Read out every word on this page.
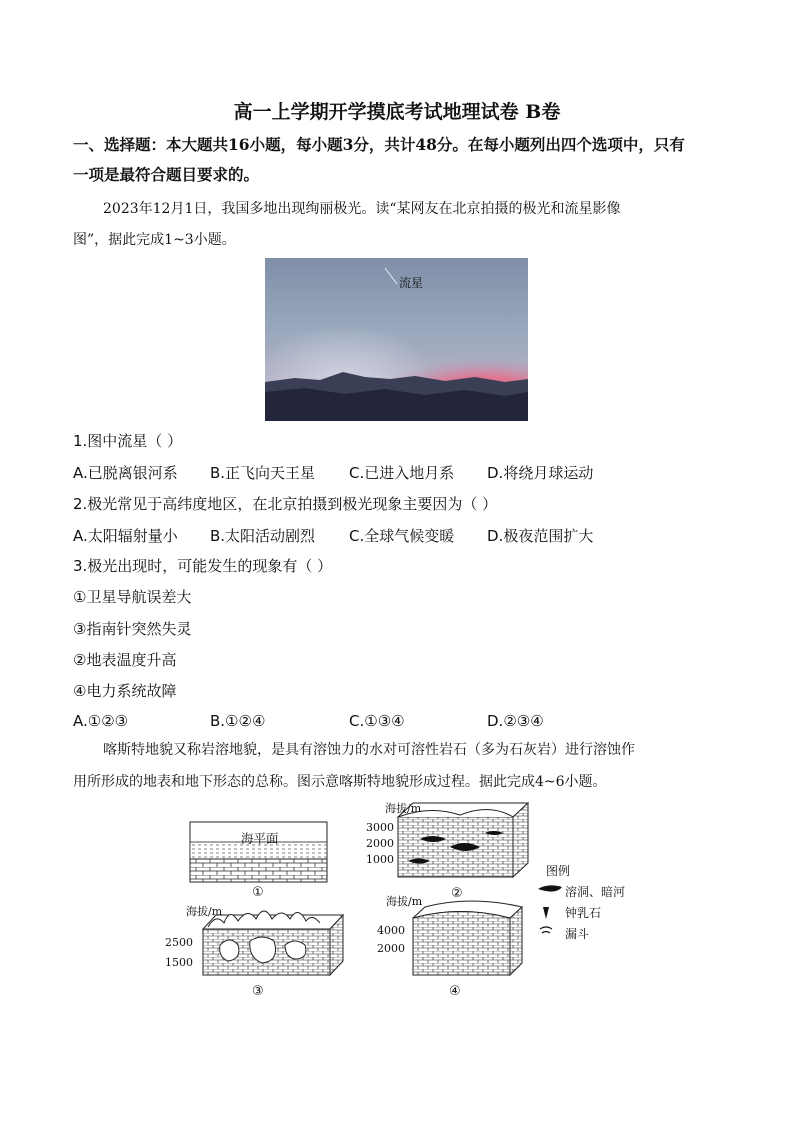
高一上学期开学摸底考试地理试卷 B卷
一、选择题：本大题共16小题，每小题3分，共计48分。在每小题列出四个选项中，只有
一项是最符合题目要求的。
2023年12月1日，我国多地出现绚丽极光。读“某网友在北京拍摄的极光和流星影像
图”，据此完成1~3小题。
流星
1.图中流星（ ）
A.已脱离银河系 B.正飞向天王星 C.已进入地月系 D.将绕月球运动
2.极光常见于高纬度地区，在北京拍摄到极光现象主要因为（ ）
A.太阳辐射量小 B.太阳活动剧烈 C.全球气候变暖 D.极夜范围扩大
3.极光出现时，可能发生的现象有（ ）
①卫星导航误差大
③指南针突然失灵
②地表温度升高
④电力系统故障
A.①②③	B.①②④	C.①③④	D.②③④
喀斯特地貌又称岩溶地貌，是具有溶蚀力的水对可溶性岩石（多为石灰岩）进行溶蚀作
用所形成的地表和地下形态的总称。图示意喀斯特地貌形成过程。据此完成4~6小题。
海平面
①
海拔/m
3000
2000
1000
②
海拔/m
2500
1500
③
海拔/m
4000
2000
④
图例
溶洞、暗河
钟乳石
漏斗
